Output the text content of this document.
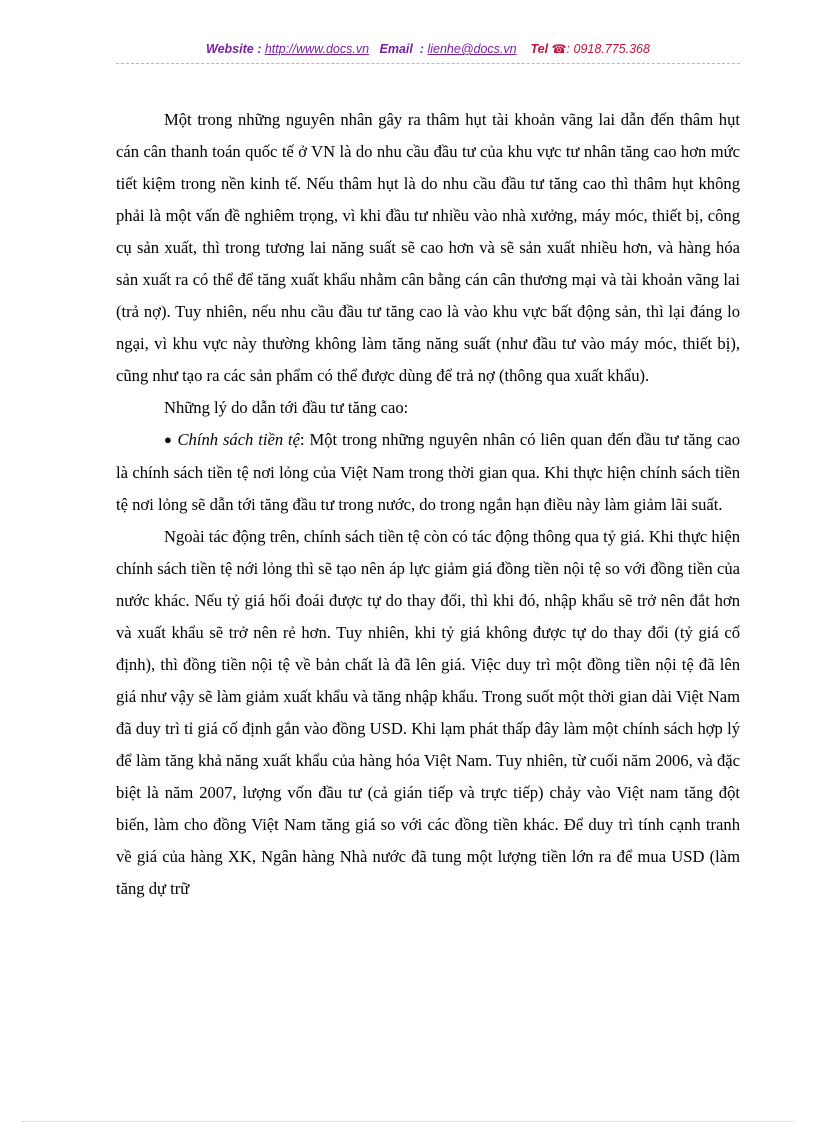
Website : http://www.docs.vn Email : lienhe@docs.vn Tel ☎: 0918.775.368

Một trong những nguyên nhân gây ra thâm hụt tài khoản vãng lai dẫn đến thâm hụt cán cân thanh toán quốc tế ở VN là do nhu cầu đầu tư của khu vực tư nhân tăng cao hơn mức tiết kiệm trong nền kinh tế. Nếu thâm hụt là do nhu cầu đầu tư tăng cao thì thâm hụt không phải là một vấn đề nghiêm trọng, vì khi đầu tư nhiều vào nhà xưởng, máy móc, thiết bị, công cụ sản xuất, thì trong tương lai năng suất sẽ cao hơn và sẽ sản xuất nhiều hơn, và hàng hóa sản xuất ra có thể để tăng xuất khẩu nhằm cân bằng cán cân thương mại và tài khoản vãng lai (trả nợ). Tuy nhiên, nếu nhu cầu đầu tư tăng cao là vào khu vực bất động sản, thì lại đáng lo ngại, vì khu vực này thường không làm tăng năng suất (như đầu tư vào máy móc, thiết bị), cũng như tạo ra các sản phẩm có thể được dùng để trả nợ (thông qua xuất khẩu).

Những lý do dẫn tới đầu tư tăng cao:

● Chính sách tiền tệ: Một trong những nguyên nhân có liên quan đến đầu tư tăng cao là chính sách tiền tệ nơi lỏng của Việt Nam trong thời gian qua. Khi thực hiện chính sách tiền tệ nơi lỏng sẽ dẫn tới tăng đầu tư trong nước, do trong ngắn hạn điều này làm giảm lãi suất.

Ngoài tác động trên, chính sách tiền tệ còn có tác động thông qua tỷ giá. Khi thực hiện chính sách tiền tệ nới lỏng thì sẽ tạo nên áp lực giảm giá đồng tiền nội tệ so với đồng tiền của nước khác. Nếu tỷ giá hối đoái được tự do thay đổi, thì khi đó, nhập khẩu sẽ trở nên đắt hơn và xuất khẩu sẽ trở nên rẻ hơn. Tuy nhiên, khi tỷ giá không được tự do thay đổi (tỷ giá cố định), thì đồng tiền nội tệ về bản chất là đã lên giá. Việc duy trì một đồng tiền nội tệ đã lên giá như vậy sẽ làm giảm xuất khẩu và tăng nhập khẩu. Trong suốt một thời gian dài Việt Nam đã duy trì tỉ giá cố định gắn vào đồng USD. Khi lạm phát thấp đây làm một chính sách hợp lý để làm tăng khả năng xuất khẩu của hàng hóa Việt Nam. Tuy nhiên, từ cuối năm 2006, và đặc biệt là năm 2007, lượng vốn đầu tư (cả gián tiếp và trực tiếp) chảy vào Việt nam tăng đột biến, làm cho đồng Việt Nam tăng giá so với các đồng tiền khác. Để duy trì tính cạnh tranh về giá của hàng XK, Ngân hàng Nhà nước đã tung một lượng tiền lớn ra để mua USD (làm tăng dự trữ
